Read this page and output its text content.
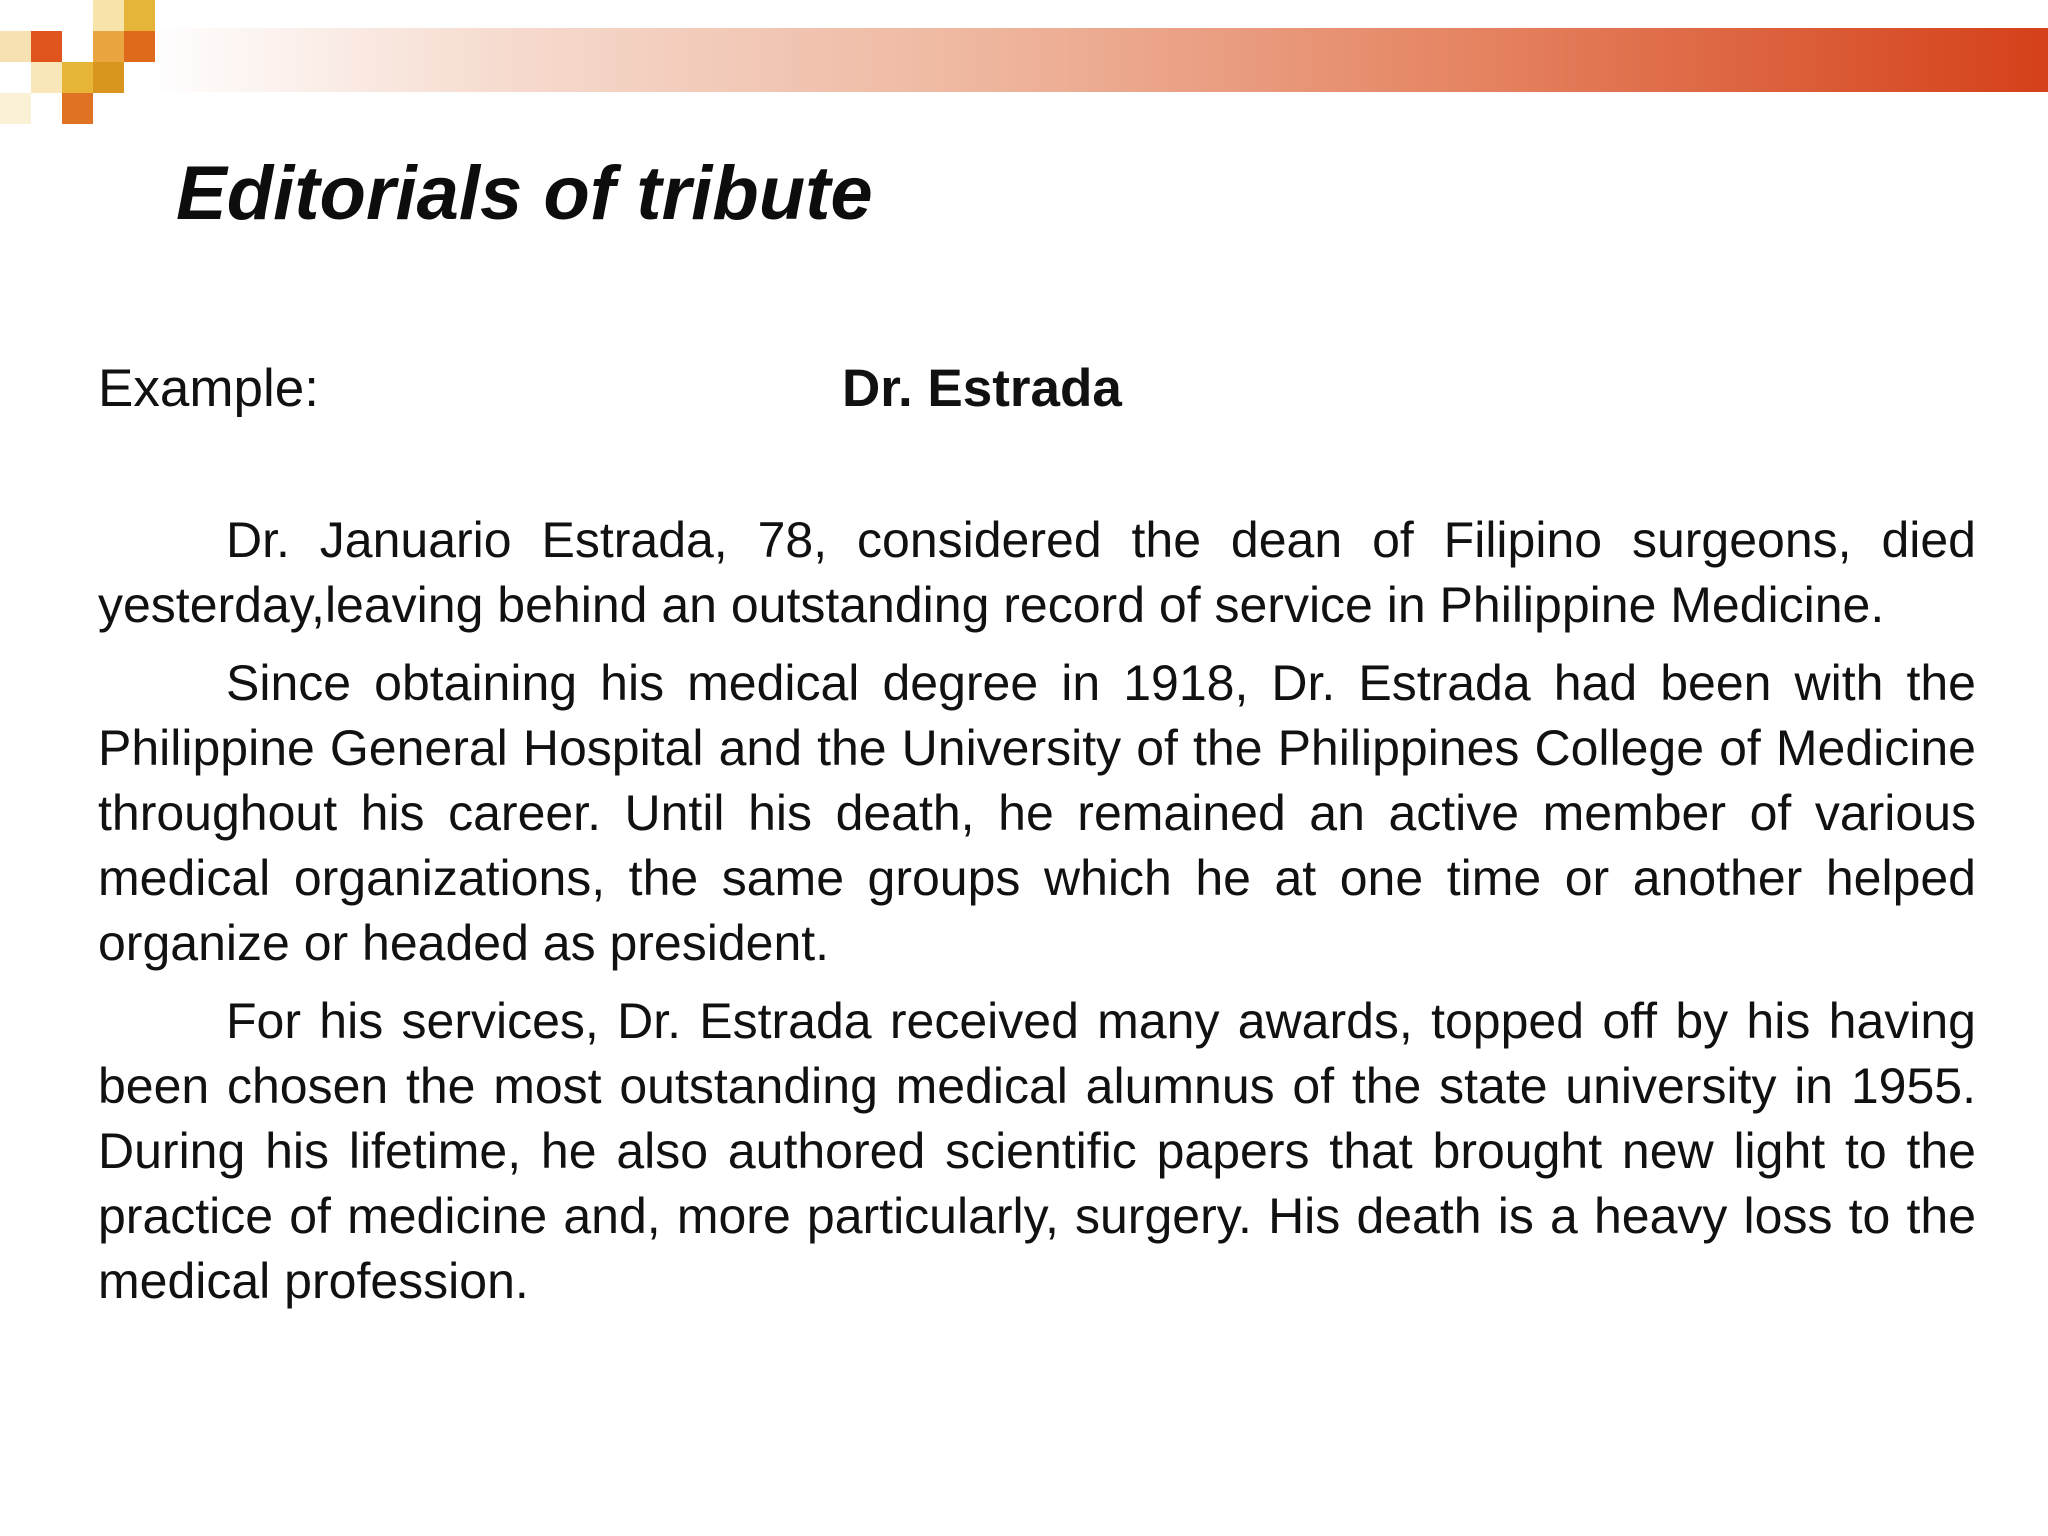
Editorials of tribute
Example:	Dr. Estrada

Dr. Januario Estrada, 78, considered the dean of Filipino surgeons, died yesterday,leaving behind an outstanding record of service in Philippine Medicine.

Since obtaining his medical degree in 1918, Dr. Estrada had been with the Philippine General Hospital and the University of the Philippines College of Medicine throughout his career. Until his death, he remained an active member of various medical organizations, the same groups which he at one time or another helped organize or headed as president.

For his services, Dr. Estrada received many awards, topped off by his having been chosen the most outstanding medical alumnus of the state university in 1955. During his lifetime, he also authored scientific papers that brought new light to the practice of medicine and, more particularly, surgery. His death is a heavy loss to the medical profession.
